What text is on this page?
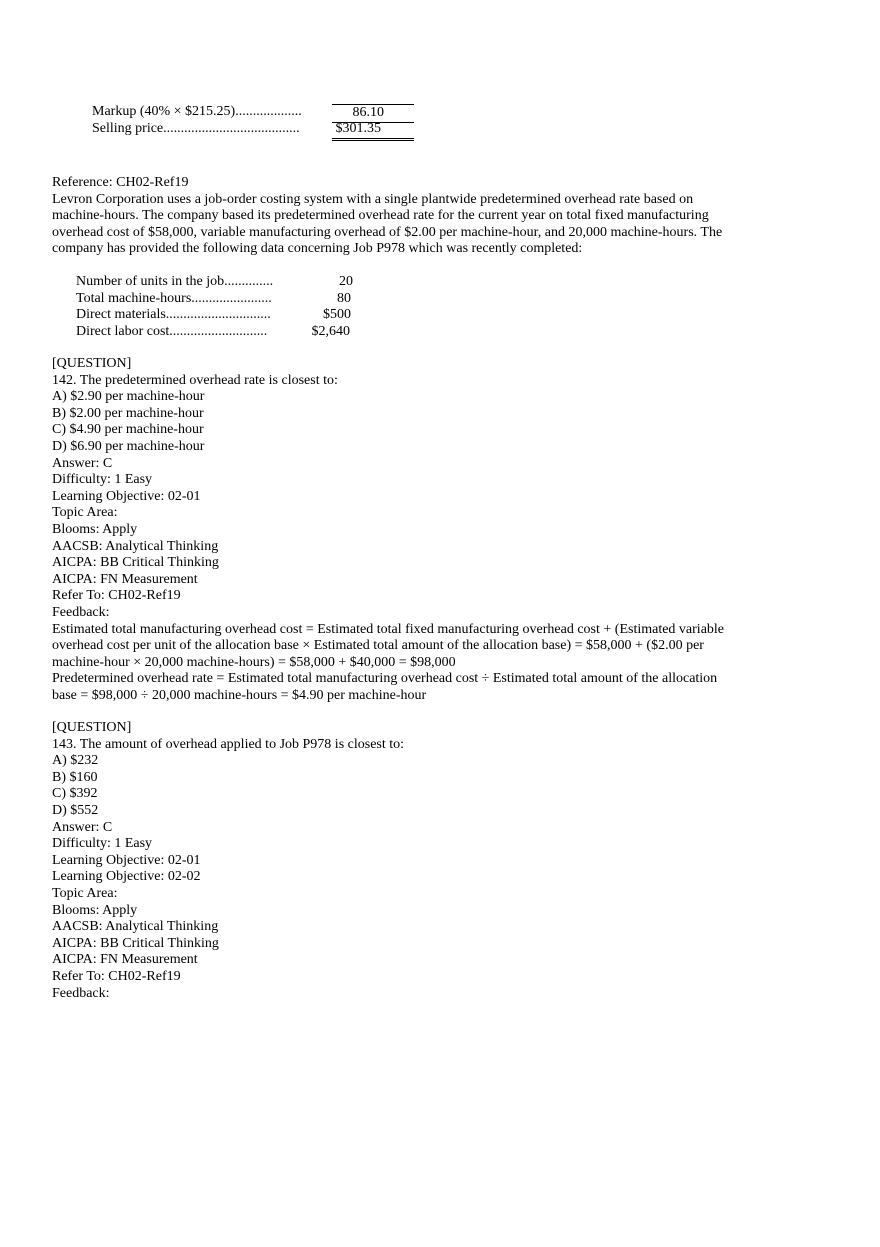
Markup (40% × $215.25)...................	86.10
Selling price.......................................	$301.35
Reference: CH02-Ref19
Levron Corporation uses a job-order costing system with a single plantwide predetermined overhead rate based on
machine-hours. The company based its predetermined overhead rate for the current year on total fixed manufacturing
overhead cost of $58,000, variable manufacturing overhead of $2.00 per machine-hour, and 20,000 machine-hours. The
company has provided the following data concerning Job P978 which was recently completed:
Number of units in the job..............	20
Total machine-hours.......................	80
Direct materials..............................	$500
Direct labor cost............................	$2,640
[QUESTION]
142. The predetermined overhead rate is closest to:
A) $2.90 per machine-hour
B) $2.00 per machine-hour
C) $4.90 per machine-hour
D) $6.90 per machine-hour
Answer: C
Difficulty: 1 Easy
Learning Objective: 02-01
Topic Area:
Blooms: Apply
AACSB: Analytical Thinking
AICPA: BB Critical Thinking
AICPA: FN Measurement
Refer To: CH02-Ref19
Feedback:
Estimated total manufacturing overhead cost = Estimated total fixed manufacturing overhead cost + (Estimated variable
overhead cost per unit of the allocation base × Estimated total amount of the allocation base) = $58,000 + ($2.00 per
machine-hour × 20,000 machine-hours) = $58,000 + $40,000 = $98,000
Predetermined overhead rate = Estimated total manufacturing overhead cost ÷ Estimated total amount of the allocation
base = $98,000 ÷ 20,000 machine-hours = $4.90 per machine-hour
[QUESTION]
143. The amount of overhead applied to Job P978 is closest to:
A) $232
B) $160
C) $392
D) $552
Answer: C
Difficulty: 1 Easy
Learning Objective: 02-01
Learning Objective: 02-02
Topic Area:
Blooms: Apply
AACSB: Analytical Thinking
AICPA: BB Critical Thinking
AICPA: FN Measurement
Refer To: CH02-Ref19
Feedback:
